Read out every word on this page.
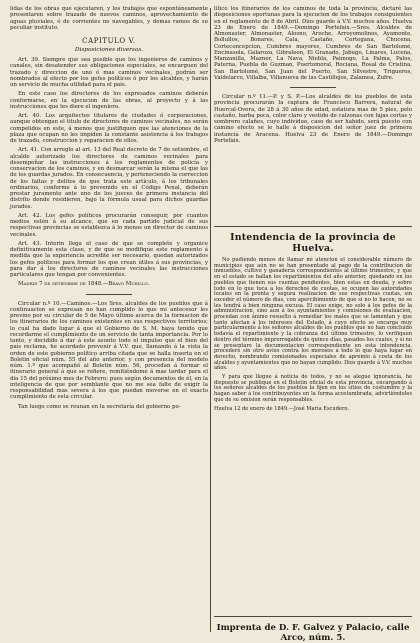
lidas de los obras que ejecutaren, y los trabajos que espontáneamente presentaren sobre trazado de nuevos caminos, aprovechamiento de aguas pluviales, ó de corrientes no navegables, y demas ramos de su peculiar instituto.

CAPITULO V.
Disposiciones diversas.

Art. 39. Siempre que sea posible que los ingenieros de caminos y canales, sin desatender sus obligaciones especiales, se encarguen del trazado y direccion de uno ó mas caminos vecinales, podrán ser nombrados al efecto por los gefes políticos ó por los alcaldes, y harán un servicio de mucha utilidad para el país.

En este caso los directores de los expresados caminos deberán conformarse, en la ejecucion de las obras, al proyecto y á las instrucciones que les diere el ingeniero.

Art. 40. Los arquitectos titulares de ciudades ó corporaciones, aunque obtengan el titulo de directores de caminos vecinales, no serán compelidos en este, á menos que justifiquen que las atenciones de la plaza que ocupan no les impiden la constante asistencia á los trabajos de trazado, construccion y reparacion de ellos.

Art. 41. Con arreglo al art. 13 del Real decreto de 7 de setiembre, el alcalde autorizado los directores de caminos vecinales para desempeñar las instrucciones á los reglamentos de policía y conservacion de los caminos, y en desmarcar serán la misma el que las de los guardas jurados. En consecuencia, y perteneciendo la correccion de los faltas y delitos de que trata este artículo, á los tribunales ordinarios, conforme á lo prevenido en el Código Penal, deberán prestar juramento ante uno de los jueces de primera instancia del distrito donde residieren, bajo la fórmula usual para dichos guardas jurados.

Art. 42. Los gefes políticos procurarán conseguir, por cuantos medios estén á su alcance, que en cada partido judicial de sus respectivas provincias se establezca á lo menos un director de caminos vecinales.

Art. 43. Interin llega el caso de que se complete y organice definitivamente esta clase, y de que se modifique este reglamento á medida que la experiencia acredite ser necesario, quedan autorizados los gefes políticos para formar los que crean útiles á sus provincias, y para dar á los directores de caminos vecinales las instrucciones particulares que tengan por convenientes.

Madrid 7 de setiembre de 1848.—Bravo Murillo.

Circular n.º 10.—Caminos.—Los Sres. alcaldes de los pueblos que á continuacion se expresan no han cumplido lo que mi antecesor les previno por su circular de 5 de Mayo último acerca de la formacion de los itinerarios de los caminos existentes en sus respectivos territorios; lo cual ha dado lugar á que el Gobierno de S. M. haya tenido que recordarme el cumplimiento de un servicio de tanta importancia. Por lo tanto, y decidido á dar á este asunto todo el impulso que el bien del país reclama, he acordado prevenir á V.V. que, llamando á la vista la orden de este gobierno político arriba citada que se halla inserta en el Boletin oficial núm. 55 del año anterior, y con presencia del modelo núm. 1.º que acompañó al Boletin núm. 56, procedan á formar el itinerario general á que se refiere, remitiéndome á mas tardar para el dia 15 del próximo mes de Febrero; pues según documentos de él, en la inteligencia de que por semblante que no me sea falte de exigir la responsabilidad mas severa á los que puedan moverse en el exacto cumplimiento de esta circular.

Tan luego como se reunan en la secretaría del gobierno po-

lítico los itinerarios de los caminos de toda la provincia, dictaré las disposiciones oportunas para la ejecucion de los trabajos consiguientes en el reglamento de 8 de Abril. Dios guarde á V.V. muchos años. Huelva 23 de Enero de 1849.—Domingo Portefaix.—Sres. Alcaldes de Almonaster, Almonaster, Alosno, Aroche, Arroyomolinos, Ayamonte, Bollullos, Bonares, Cala, Castaño, Cortegana, Chucena, Corteconcepcion, Cumbres mayores, Cumbres de San Bartolomé, Encinasola, Galaroza, Gibraleon, El Granado, Jabugo, Linares, Lucena, Manzanilla, Mazner, La Nava, Niebla, Paimogo, La Palma, Palos, Paterna, Puebla de Guzman, Puertomoral, Rociana, Rosal de Cristina, San Bartolomé, San Juan del Puerto, San Silvestre, Trigueros, Valdelarco, Villalba, Villanueva de las Castillejos, Zalamea, Zufre.

Circular n.º 11.—P. y S. P.—Los alcaldes de los pueblos de esta provincia procurarán la captura de Francisco Barrera, natural de Huercal-Overa, de 28 á 30 años de edad, estatura mas de 5 pies, pelo castaño, barba poca, color claro y vestido de calzonas con fajas cortas y sombrero calañes, cuyo individuo, caso de ser habido, será puesto con camino efecto se le halle á disposicion del señor juez de primera instancia de Aracena. Huelva 23 de Enero de 1849.—Domingo Portefaix.

Intendencia de la provincia de Huelva.

No pudiendo menos de llamar mi atencion el considerable número de municipios que aún no se han presentado al pago de la contribucion de inmuebles, cultivo y ganaderia correspondientes al último trimestre, y que en el estado se hallan los repartimientos del año anterior, quedando en los pueblos que tienen sus cuentas pendientes, bien estas en deuda, y sobre todo en lo que toca a los derechos de cuotas, se ocupen las autoridades locales en la pronta y segura realizacion de sus respectivas cuotas, sin exceder el número de dias, con apercibimiento de que si no lo hacen, no se les tendrá á bien ninguna excusa. El caso exige, no solo á los gefes de la administracion, sino aun á los ayuntamientos y comisiones de evaluacion, procedan con ánimo resuelto á remediar los males que se lamentan y que tanto afectan á los intereses del Estado, á cuyo efecto se encarga muy particularmente á los señores alcaldes de los pueblos que no han concluido todavía el repartimiento y la cobranza del último trimestre, lo verifiquen dentro del término improrrogable de quince días, pasados los cuales, y si no se presentare la documentacion correspondiente en esta intendencia, procederé sin otro aviso contra los morosos a todo lo que haya lugar en derecho, nombrando comisionados especiales de apremio á costa de los alcaldes y ayuntamientos que no hayan cumplido. Dios guarde á V.V. muchos años.

Y para que llegue á noticia de todos, y no se alegue ignorancia, he dispuesto se publique en el Boletin oficial de esta provincia, encargando á los señores alcaldes de los pueblos la fijen en los sitios de costumbre y la hagan saber á los contribuyentes en la forma acostumbrada, advirtiéndoles que de su omision serán responsables.

Huelva 12 de enero de 1849.—José Maria Escudero.

Imprenta de D. F. Galvez y Palacio, calle Arco, núm. 5.
